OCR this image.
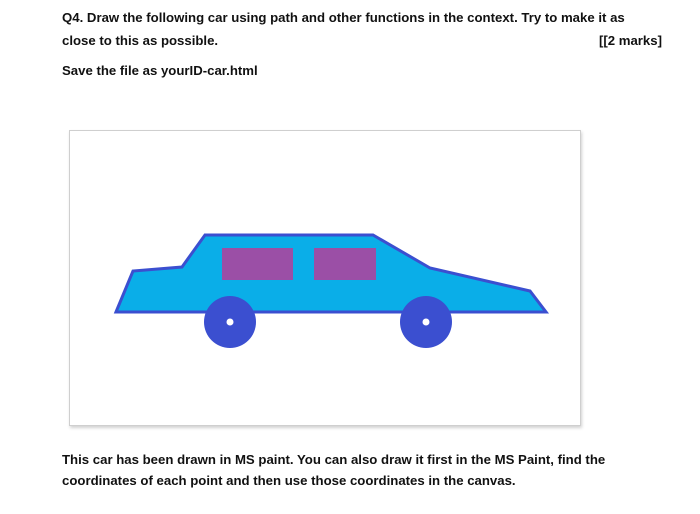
Q4. Draw the following car using path and other functions in the context. Try to make it as
close to this as possible.	[[2 marks]
Save the file as yourID-car.html
This car has been drawn in MS paint. You can also draw it first in the MS Paint, find the
coordinates of each point and then use those coordinates in the canvas.
